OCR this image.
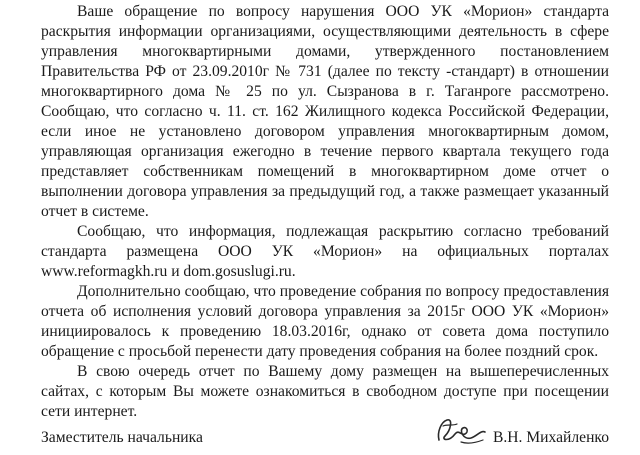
Ваше обращение по вопросу нарушения ООО УК «Морион» стандарта раскрытия информации организациями, осуществляющими деятельность в сфере управления многоквартирными домами, утвержденного постановлением Правительства РФ от 23.09.2010г № 731 (далее по тексту -стандарт) в отношении многоквартирного дома № 25 по ул. Сызранова в г. Таганроге рассмотрено. Сообщаю, что согласно ч. 11. ст. 162 Жилищного кодекса Российской Федерации, если иное не установлено договором управления многоквартирным домом, управляющая организация ежегодно в течение первого квартала текущего года представляет собственникам помещений в многоквартирном доме отчет о выполнении договора управления за предыдущий год, а также размещает указанный отчет в системе.

Сообщаю, что информация, подлежащая раскрытию согласно требований стандарта размещена ООО УК «Морион» на официальных порталах www.reformagkh.ru и dom.gosuslugi.ru.

Дополнительно сообщаю, что проведение собрания по вопросу предоставления отчета об исполнения условий договора управления за 2015г ООО УК «Морион» инициировалось к проведению 18.03.2016г, однако от совета дома поступило обращение с просьбой перенести дату проведения собрания на более поздний срок.

В свою очередь отчет по Вашему дому размещен на вышеперечисленных сайтах, с которым Вы можете ознакомиться в свободном доступе при посещении сети интернет.

Заместитель начальника	В.Н. Михайленко
